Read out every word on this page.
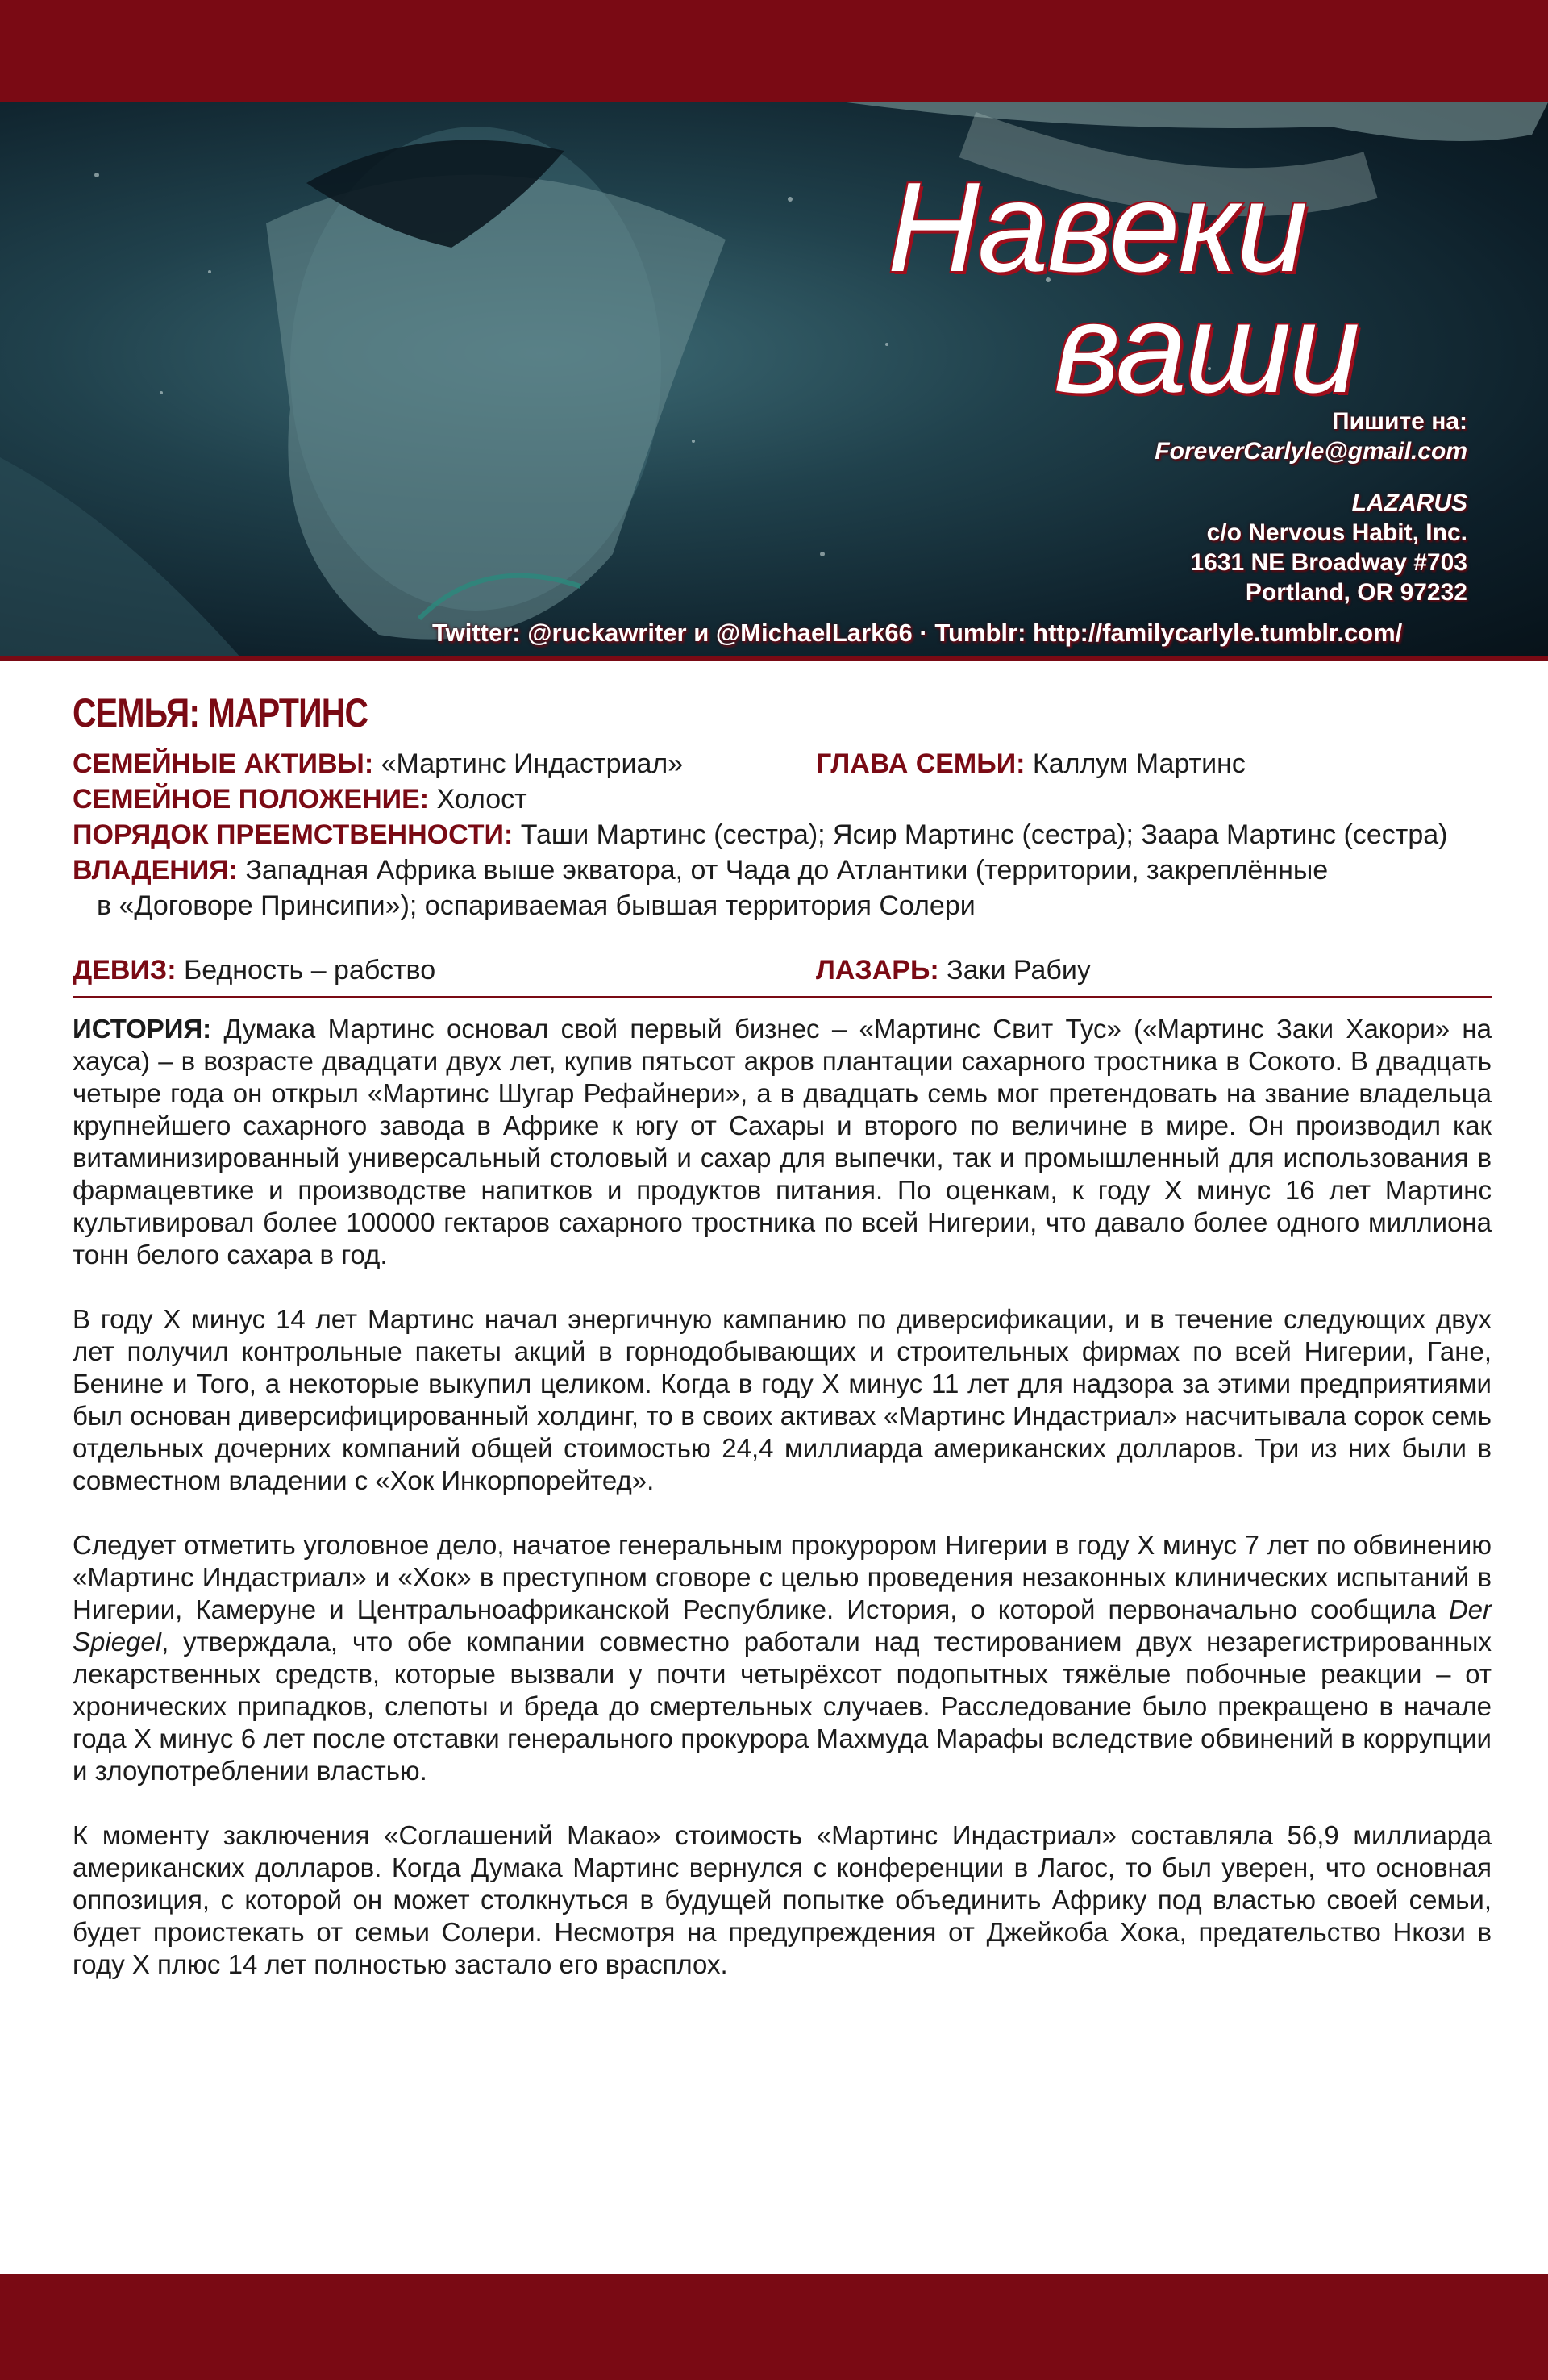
Навеки
ваши
Пишите на:
ForeverCarlyle@gmail.com
LAZARUS
c/o Nervous Habit, Inc.
1631 NE Broadway #703
Portland, OR 97232
Twitter: @ruckawriter и @MichaelLark66 · Tumblr: http://familycarlyle.tumblr.com/
СЕМЬЯ: МАРТИНС
СЕМЕЙНЫЕ АКТИВЫ: «Мартинс Индастриал»	ГЛАВА СЕМЬИ: Каллум Мартинс
СЕМЕЙНОЕ ПОЛОЖЕНИЕ: Холост
ПОРЯДОК ПРЕЕМСТВЕННОСТИ: Таши Мартинс (сестра); Ясир Мартинс (сестра); Заара Мартинс (сестра)
ВЛАДЕНИЯ: Западная Африка выше экватора, от Чада до Атлантики (территории, закреплённые
в «Договоре Принсипи»); оспариваемая бывшая территория Солери
ДЕВИЗ: Бедность – рабство	ЛАЗАРЬ: Заки Рабиу

ИСТОРИЯ: Думака Мартинс основал свой первый бизнес – «Мартинс Свит Тус» («Мартинс Заки Хакори» на хауса) – в возрасте двадцати двух лет, купив пятьсот акров плантации сахарного тростника в Сокото. В двадцать четыре года он открыл «Мартинс Шугар Рефайнери», а в двадцать семь мог претендовать на звание владельца крупнейшего сахарного завода в Африке к югу от Сахары и второго по величине в мире. Он производил как витаминизированный универсальный столовый и сахар для выпечки, так и промышленный для использования в фармацевтике и производстве напитков и продуктов питания. По оценкам, к году Х минус 16 лет Мартинс культивировал более 100000 гектаров сахарного тростника по всей Нигерии, что давало более одного миллиона тонн белого сахара в год.

В году Х минус 14 лет Мартинс начал энергичную кампанию по диверсификации, и в течение следующих двух лет получил контрольные пакеты акций в горнодобывающих и строительных фирмах по всей Нигерии, Гане, Бенине и Того, а некоторые выкупил целиком. Когда в году Х минус 11 лет для надзора за этими предприятиями был основан диверсифицированный холдинг, то в своих активах «Мартинс Индастриал» насчитывала сорок семь отдельных дочерних компаний общей стоимостью 24,4 миллиарда американских долларов. Три из них были в совместном владении с «Хок Инкорпорейтед».

Следует отметить уголовное дело, начатое генеральным прокурором Нигерии в году Х минус 7 лет по обвинению «Мартинс Индастриал» и «Хок» в преступном сговоре с целью проведения незаконных клинических испытаний в Нигерии, Камеруне и Центральноафриканской Республике. История, о которой первоначально сообщила Der Spiegel, утверждала, что обе компании совместно работали над тестированием двух незарегистрированных лекарственных средств, которые вызвали у почти четырёхсот подопытных тяжёлые побочные реакции – от хронических припадков, слепоты и бреда до смертельных случаев. Расследование было прекращено в начале года Х минус 6 лет после отставки генерального прокурора Махмуда Марафы вследствие обвинений в коррупции и злоупотреблении властью.

К моменту заключения «Соглашений Макао» стоимость «Мартинс Индастриал» составляла 56,9 миллиарда американских долларов. Когда Думака Мартинс вернулся с конференции в Лагос, то был уверен, что основная оппозиция, с которой он может столкнуться в будущей попытке объединить Африку под властью своей семьи, будет проистекать от семьи Солери. Несмотря на предупреждения от Джейкоба Хока, предательство Нкози в году Х плюс 14 лет полностью застало его врасплох.
